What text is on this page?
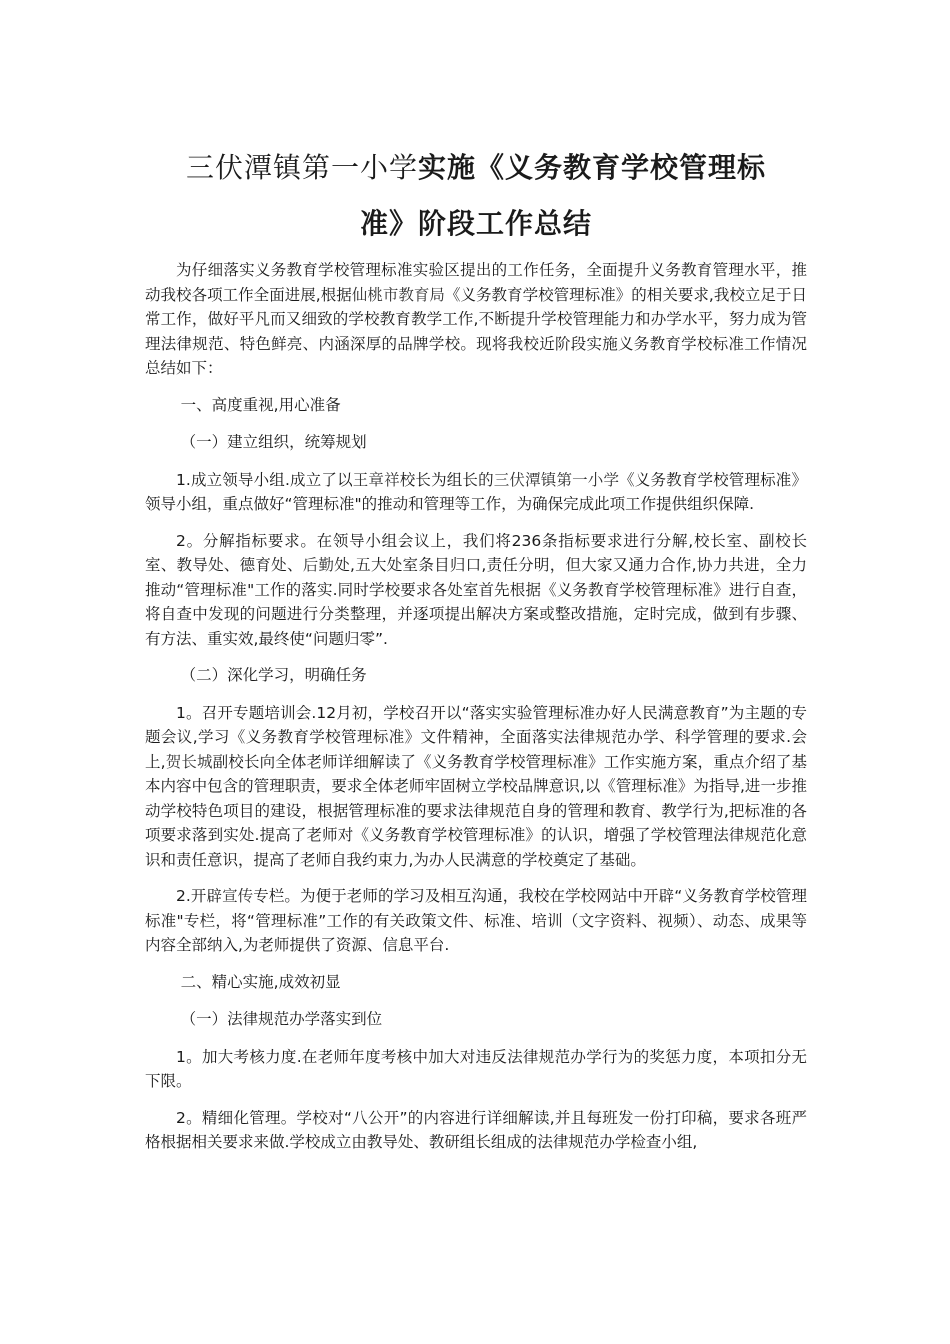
三伏潭镇第一小学实施《义务教育学校管理标
准》阶段工作总结

为仔细落实义务教育学校管理标准实验区提出的工作任务，全面提升义务教育管理水平，推动我校各项工作全面进展,根据仙桃市教育局《义务教育学校管理标准》的相关要求,我校立足于日常工作，做好平凡而又细致的学校教育教学工作,不断提升学校管理能力和办学水平，努力成为管理法律规范、特色鲜亮、内涵深厚的品牌学校。现将我校近阶段实施义务教育学校标准工作情况总结如下：

一、高度重视,用心准备

（一）建立组织，统筹规划

1.成立领导小组.成立了以王章祥校长为组长的三伏潭镇第一小学《义务教育学校管理标准》领导小组，重点做好“管理标准"的推动和管理等工作，为确保完成此项工作提供组织保障.

2。分解指标要求。在领导小组会议上，我们将236条指标要求进行分解,校长室、副校长室、教导处、德育处、后勤处,五大处室条目归口,责任分明，但大家又通力合作,协力共进，全力推动“管理标准"工作的落实.同时学校要求各处室首先根据《义务教育学校管理标准》进行自查，将自查中发现的问题进行分类整理，并逐项提出解决方案或整改措施，定时完成，做到有步骤、有方法、重实效,最终使“问题归零”.

（二）深化学习，明确任务

1。召开专题培训会.12月初，学校召开以“落实实验管理标准办好人民满意教育”为主题的专题会议,学习《义务教育学校管理标准》文件精神，全面落实法律规范办学、科学管理的要求.会上,贺长城副校长向全体老师详细解读了《义务教育学校管理标准》工作实施方案，重点介绍了基本内容中包含的管理职责，要求全体老师牢固树立学校品牌意识,以《管理标准》为指导,进一步推动学校特色项目的建设，根据管理标准的要求法律规范自身的管理和教育、教学行为,把标准的各项要求落到实处.提高了老师对《义务教育学校管理标准》的认识，增强了学校管理法律规范化意识和责任意识，提高了老师自我约束力,为办人民满意的学校奠定了基础。

2.开辟宣传专栏。为便于老师的学习及相互沟通，我校在学校网站中开辟“义务教育学校管理标准"专栏，将“管理标准”工作的有关政策文件、标准、培训（文字资料、视频）、动态、成果等内容全部纳入,为老师提供了资源、信息平台.

二、精心实施,成效初显

（一）法律规范办学落实到位

1。加大考核力度.在老师年度考核中加大对违反法律规范办学行为的奖惩力度，本项扣分无下限。

2。精细化管理。学校对“八公开”的内容进行详细解读,并且每班发一份打印稿，要求各班严格根据相关要求来做.学校成立由教导处、教研组长组成的法律规范办学检查小组,
